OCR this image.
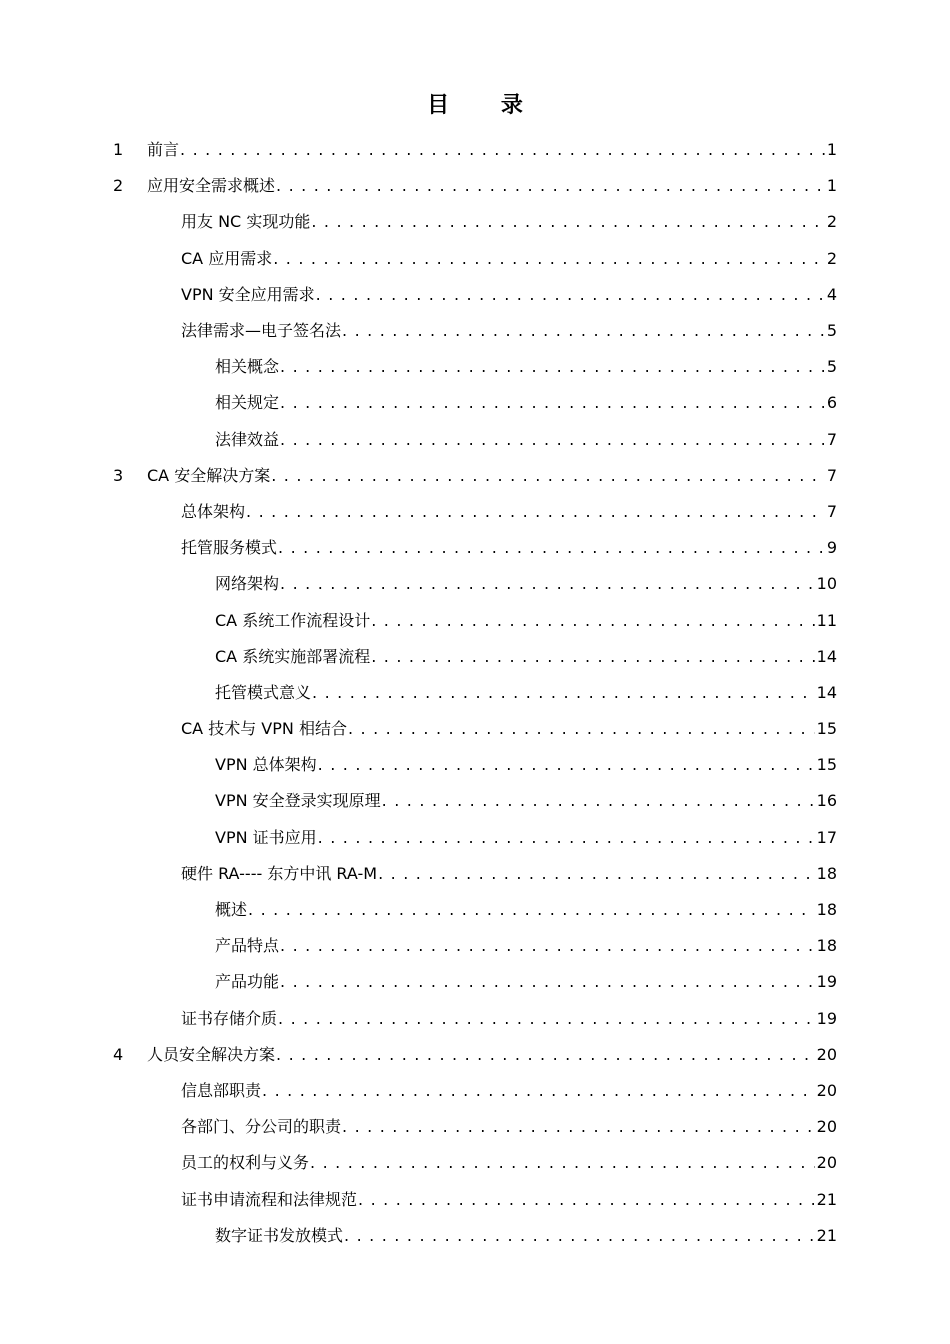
目 录
1	前言 . . .	1
2	应用安全需求概述 . . .	1
用友 NC 实现功能 . . .	2
CA 应用需求 . . .	2
VPN 安全应用需求 . . .	4
法律需求—电子签名法 . . .	5
相关概念 . . .	5
相关规定 . . .	6
法律效益 . . .	7
3	CA 安全解决方案 . . .	7
总体架构 . . .	7
托管服务模式 . . .	9
网络架构 . . .	10
CA 系统工作流程设计 . . .	11
CA 系统实施部署流程 . . .	14
托管模式意义 . . .	14
CA 技术与 VPN 相结合 . . .	15
VPN 总体架构 . . .	15
VPN 安全登录实现原理 . . .	16
VPN 证书应用 . . .	17
硬件 RA---- 东方中讯 RA-M . . .	18
概述 . . .	18
产品特点 . . .	18
产品功能 . . .	19
证书存储介质 . . .	19
4	人员安全解决方案 . . .	20
信息部职责 . . .	20
各部门、分公司的职责 . . .	20
员工的权利与义务 . . .	20
证书申请流程和法律规范 . . .	21
数字证书发放模式 . . .	21
